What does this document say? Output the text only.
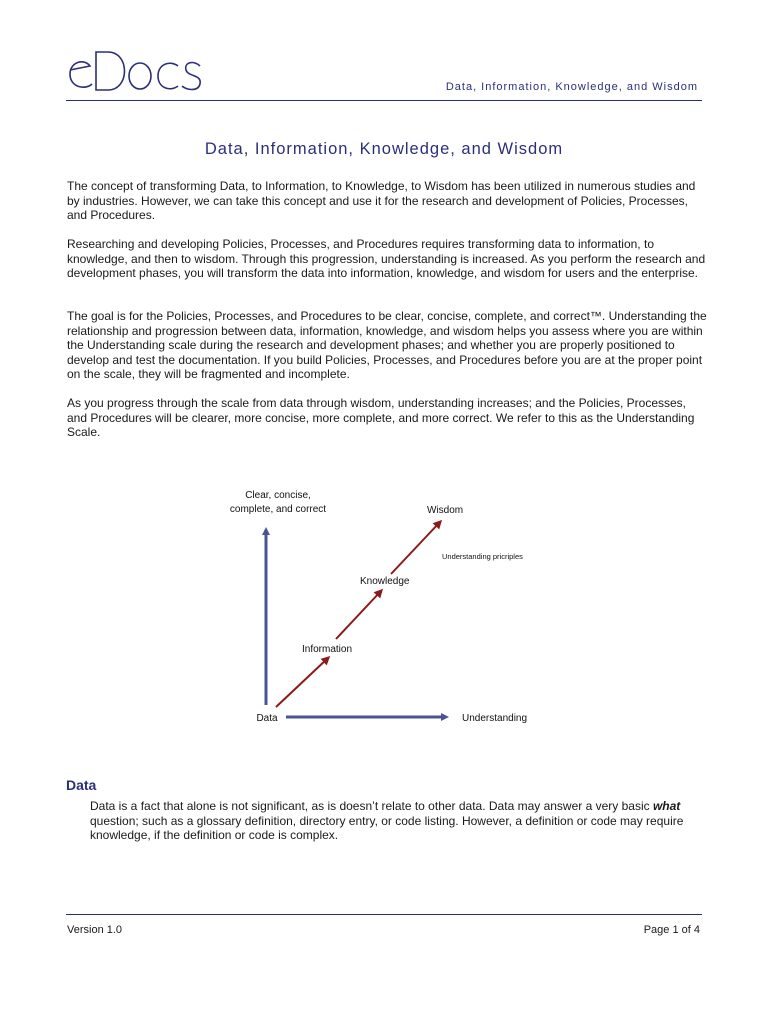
eDocs
Data, Information, Knowledge, and Wisdom
Data, Information, Knowledge, and Wisdom

The concept of transforming Data, to Information, to Knowledge, to Wisdom has been utilized in numerous studies and by industries. However, we can take this concept and use it for the research and development of Policies, Processes, and Procedures.

Researching and developing Policies, Processes, and Procedures requires transforming data to information, to knowledge, and then to wisdom. Through this progression, understanding is increased. As you perform the research and development phases, you will transform the data into information, knowledge, and wisdom for users and the enterprise.

The goal is for the Policies, Processes, and Procedures to be clear, concise, complete, and correct™. Understanding the relationship and progression between data, information, knowledge, and wisdom helps you assess where you are within the Understanding scale during the research and development phases; and whether you are properly positioned to develop and test the documentation. If you build Policies, Processes, and Procedures before you are at the proper point on the scale, they will be fragmented and incomplete.

As you progress through the scale from data through wisdom, understanding increases; and the Policies, Processes, and Procedures will be clearer, more concise, more complete, and more correct. We refer to this as the Understanding Scale.

Clear, concise,
complete, and correct
Data	Understanding
Information
Knowledge
Wisdom
Understanding pricriples
Data

Data is a fact that alone is not significant, as is doesn’t relate to other data. Data may answer a very basic what question; such as a glossary definition, directory entry, or code listing. However, a definition or code may require knowledge, if the definition or code is complex.

Version 1.0	Page 1 of 4
